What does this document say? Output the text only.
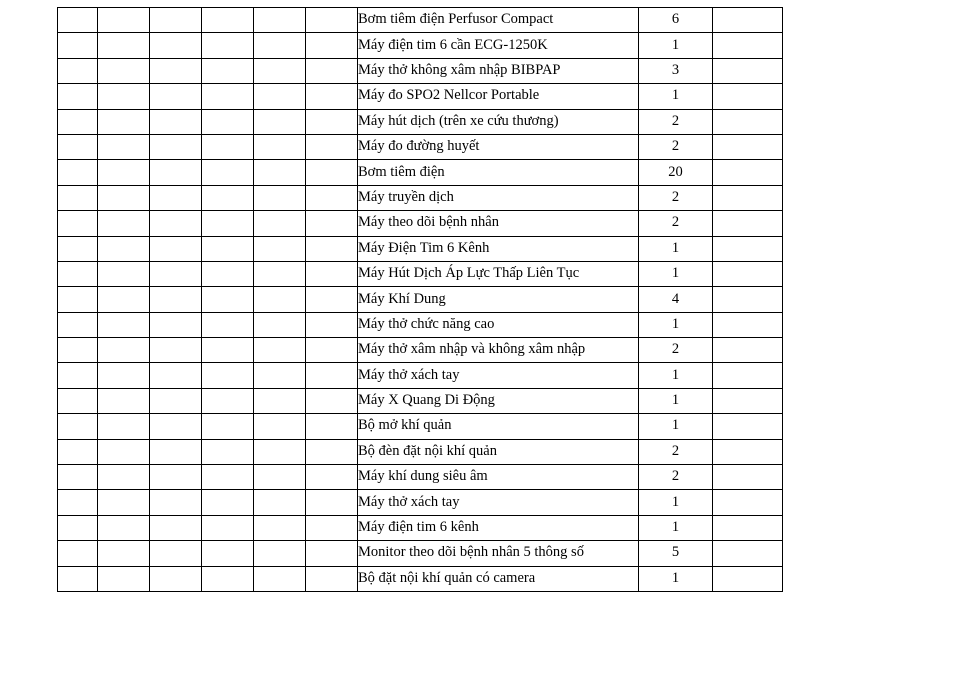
						Bơm tiêm điện Perfusor Compact	6	
						Máy điện tim 6 cần ECG-1250K	1	
						Máy thở không xâm nhập BIBPAP	3	
						Máy đo SPO2 Nellcor Portable	1	
						Máy hút dịch (trên xe cứu thương)	2	
						Máy đo đường huyết	2	
						Bơm tiêm điện	20	
						Máy truyền dịch	2	
						Máy theo dõi bệnh nhân	2	
						Máy Điện Tim 6 Kênh	1	
						Máy Hút Dịch Áp Lực Thấp Liên Tục	1	
						Máy Khí Dung	4	
						Máy thở chức năng cao	1	
						Máy thở xâm nhập và không xâm nhập	2	
						Máy thở xách tay	1	
						Máy X Quang Di Động	1	
						Bộ mở khí quản	1	
						Bộ đèn đặt nội khí quản	2	
						Máy khí dung siêu âm	2	
						Máy thở xách tay	1	
						Máy điện tim 6 kênh	1	
						Monitor theo dõi bệnh nhân 5 thông số	5	
						Bộ đặt nội khí quản có camera	1	
